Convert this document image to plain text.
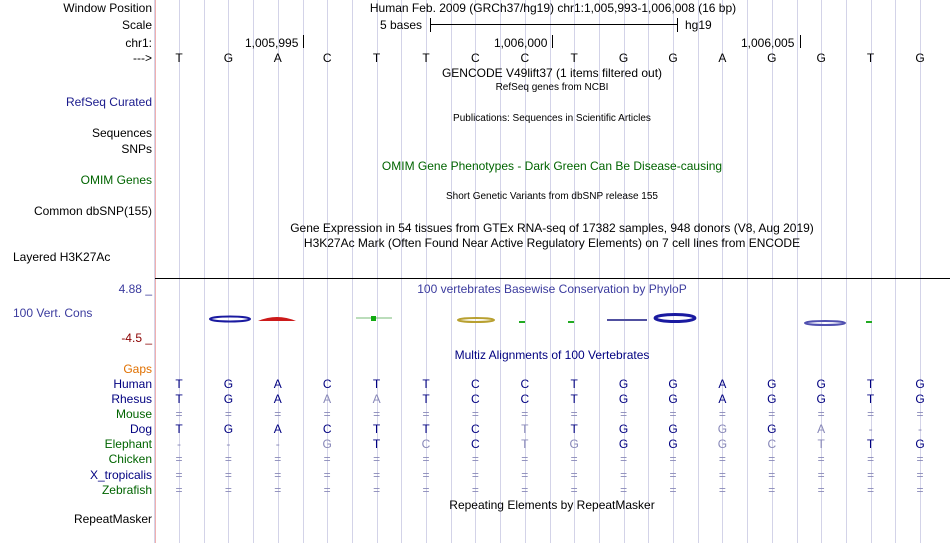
Window Position	Human Feb. 2009 (GRCh37/hg19) chr1:1,005,993-1,006,008 (16 bp)
Scale	5 bases	hg19
chr1:	1,005,995	1,006,000	1,006,005
---> T	G	A	C	T	T	C	C	T	G	G	A	G	G	T	G
GENCODE V49lift37 (1 items filtered out)
RefSeq genes from NCBI
RefSeq Curated
Sequences
Publications: Sequences in Scientific Articles
SNPs
OMIM Gene Phenotypes - Dark Green Can Be Disease-causing
OMIM Genes
Short Genetic Variants from dbSNP release 155
Common dbSNP(155)
Gene Expression in 54 tissues from GTEx RNA-seq of 17382 samples, 948 donors (V8, Aug 2019)
H3K27Ac Mark (Often Found Near Active Regulatory Elements) on 7 cell lines from ENCODE
Layered H3K27Ac
4.88 _	100 vertebrates Basewise Conservation by PhyloP
100 Vert. Cons
-4.5 _
Gaps
Multiz Alignments of 100 Vertebrates
Human T	G	A	C	T	T	C	C	T	G	G	A	G	G	T	G
Rhesus T	G	A	A	A	T	C	C	T	G	G	A	G	G	T	G
Mouse =	=	=	=	=	=	=	=	=	=	=	=	=	=	=	=
Dog T	G	A	C	T	T	C	T	T	G	G	G	G	A	-	-
Elephant	-	-	-	G	T	C	C	T	G	G	G	G	C	T	T	G
Chicken =	=	=	=	=	=	=	=	=	=	=	=	=	=	=	=
X_tropicalis =	=	=	=	=	=	=	=	=	=	=	=	=	=	=	=
Zebrafish =	=	=	=	=	=	=	=	=	=	=	=	=	=	=	=
Repeating Elements by RepeatMasker
RepeatMasker
